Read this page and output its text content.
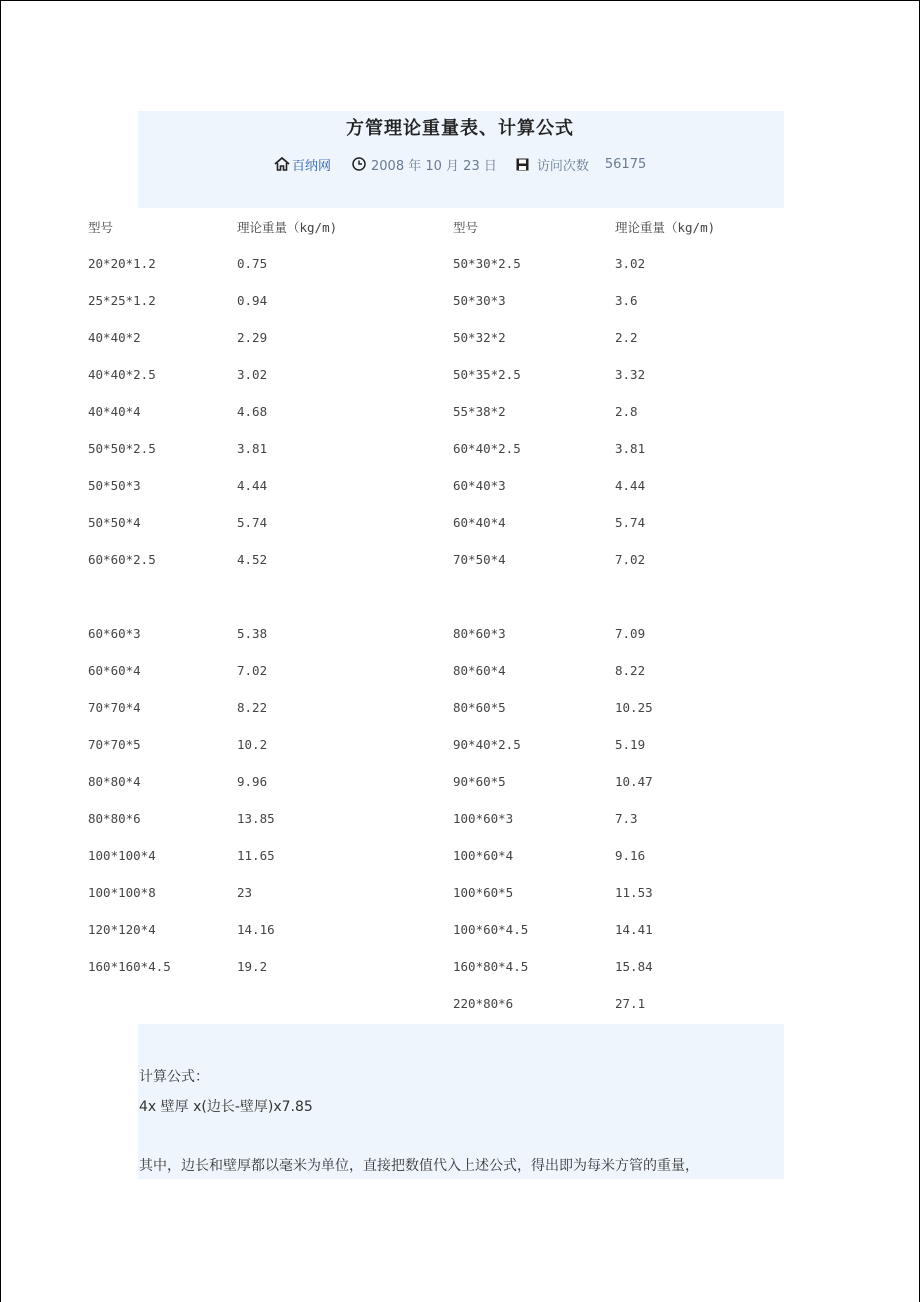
方管理论重量表、计算公式
百纳网	2008 年 10 月 23 日	访问次数 56175
型号	理论重量（kg/m)	型号	理论重量（kg/m)
20*20*1.2	0.75	50*30*2.5	3.02
25*25*1.2	0.94	50*30*3	3.6
40*40*2	2.29	50*32*2	2.2
40*40*2.5	3.02	50*35*2.5	3.32
40*40*4	4.68	55*38*2	2.8
50*50*2.5	3.81	60*40*2.5	3.81
50*50*3	4.44	60*40*3	4.44
50*50*4	5.74	60*40*4	5.74
60*60*2.5	4.52	70*50*4	7.02

60*60*3	5.38	80*60*3	7.09
60*60*4	7.02	80*60*4	8.22
70*70*4	8.22	80*60*5	10.25
70*70*5	10.2	90*40*2.5	5.19
80*80*4	9.96	90*60*5	10.47
80*80*6	13.85	100*60*3	7.3
100*100*4	11.65	100*60*4	9.16
100*100*8	23	100*60*5	11.53
120*120*4	14.16	100*60*4.5	14.41
160*160*4.5	19.2	160*80*4.5	15.84
		220*80*6	27.1
计算公式：
4x 壁厚 x(边长-壁厚)x7.85
其中，边长和壁厚都以毫米为单位，直接把数值代入上述公式，得出即为每米方管的重量，
